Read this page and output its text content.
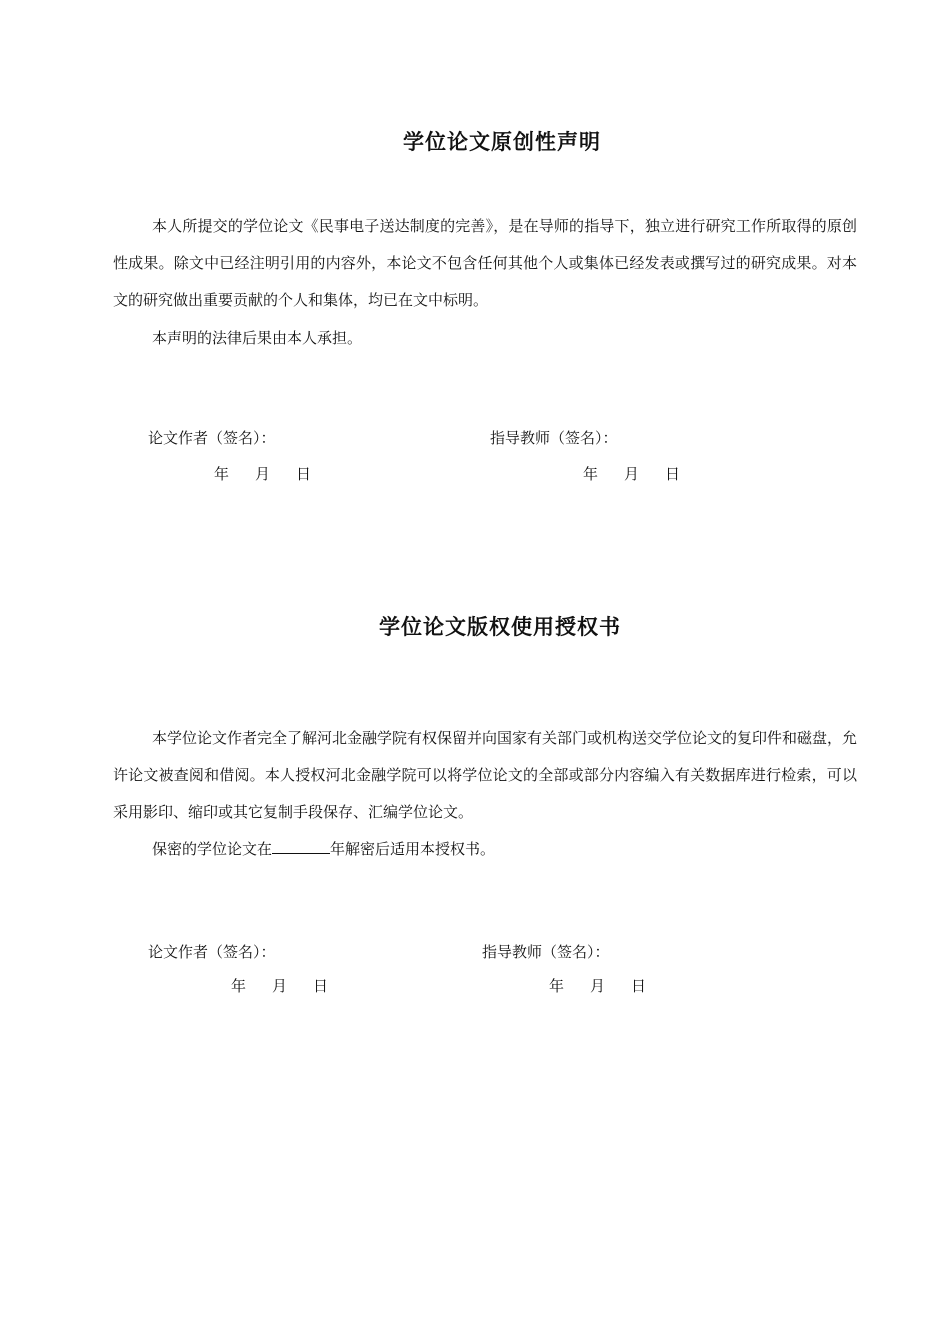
学位论文原创性声明

本人所提交的学位论文《民事电子送达制度的完善》，是在导师的指导下，独立进行研究工作所取得的原创性成果。除文中已经注明引用的内容外，本论文不包含任何其他个人或集体已经发表或撰写过的研究成果。对本文的研究做出重要贡献的个人和集体，均已在文中标明。

本声明的法律后果由本人承担。

论文作者（签名）：	指导教师（签名）：
年 月 日	年 月 日
学位论文版权使用授权书

本学位论文作者完全了解河北金融学院有权保留并向国家有关部门或机构送交学位论文的复印件和磁盘，允许论文被查阅和借阅。本人授权河北金融学院可以将学位论文的全部或部分内容编入有关数据库进行检索，可以采用影印、缩印或其它复制手段保存、汇编学位论文。

保密的学位论文在	年解密后适用本授权书。

论文作者（签名）：	指导教师（签名）：
年 月 日	年 月 日
